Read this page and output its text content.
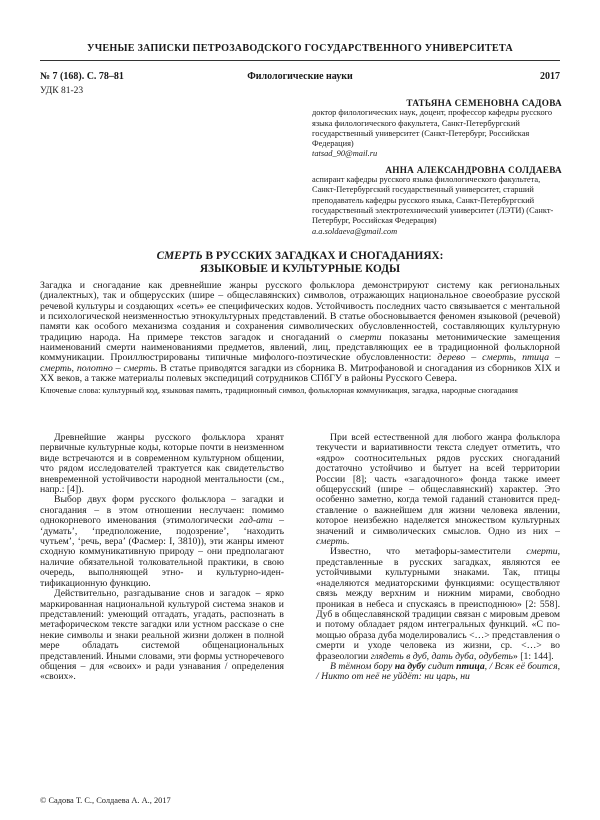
УЧЕНЫЕ ЗАПИСКИ ПЕТРОЗАВОДСКОГО ГОСУДАРСТВЕННОГО УНИВЕРСИТЕТА
№ 7 (168). С. 78–81	Филологические науки	2017
УДК 81-23
ТАТЬЯНА СЕМЕНОВНА САДОВА
доктор филологических наук, доцент, профессор кафедры русского языка филологического факультета, Санкт-Петербургский государственный университет (Санкт-Петербург, Российская Федерация)
tatsad_90@mail.ru
АННА АЛЕКСАНДРОВНА СОЛДАЕВА
аспирант кафедры русского языка филологического факультета, Санкт-Петербургский государственный университет, старший преподаватель кафедры русского языка, Санкт-Петербургский государственный электротехнический университет (ЛЭТИ) (Санкт-Петербург, Российская Федерация)
a.a.soldaeva@gmail.com
СМЕРТЬ В РУССКИХ ЗАГАДКАХ И СНОГАДАНИЯХ:
ЯЗЫКОВЫЕ И КУЛЬТУРНЫЕ КОДЫ

Загадка и сногадание как древнейшие жанры русского фольклора демонстрируют систему как региональных (диалектных), так и общерусских (шире – общеславянских) символов, отражающих национальное своеобразие русской речевой культуры и создающих «сеть» ее специфических кодов. Устойчивость последних часто связывается с ментальной и психологической неизменностью этнокультурных представлений. В статье обосновывается феномен языковой (речевой) памяти как особого механизма создания и сохранения символических обусловленностей, составляющих культурную традицию народа. На примере текстов загадок и сногаданий о смерти показаны метонимические замещения наименований смерти наименованиями предметов, явлений, лиц, представляющих ее в традиционной фольклорной коммуникации. Проиллюстрированы типичные мифолого-поэтические обусловленности: дерево – смерть, птица – смерть, полотно – смерть. В статье приводятся загадки из сборника В. Митрофановой и сногадания из сборников XIX и XX веков, а также материалы полевых экспедиций сотрудников СПбГУ в районы Русского Севера.

Ключевые слова: культурный код, языковая память, традиционный символ, фольклорная коммуникация, загадка, народные сногадания

Древнейшие жанры русского фольклора хранят первичные культурные коды, которые почти в неизменном виде встречаются и в современном культурном общении, что рядом исследователей трактуется как свидетельство вневременной устойчивости народной ментальности (см., напр.: [4]).

Выбор двух форм русского фольклора – загадки и сногадания – в этом отношении неслучаен: помимо однокорневого именования (этимологически гад-ати – ‘думать’, ‘предположение, подозрение’, ‘находить чутьем’, ‘речь, вера’ (Фасмер: I, 3810)), эти жанры имеют сходную коммуникативную природу – они предполагают наличие обязательной толковательной практики, в свою очередь, выполняющей этно- и культурно-идентификационную функцию.

Действительно, разгадывание снов и загадок – ярко маркированная национальной культурой система знаков и представлений: умеющий отгадать, угадать, распознать в метафорическом тексте загадки или устном рассказе о сне некие символы и знаки реальной жизни должен в полной мере обладать системой общенациональных представлений. Иными словами, эти формы устноречевого общения – для «своих» и ради узнавания / определения «своих».

При всей естественной для любого жанра фольклора текучести и вариативности текста следует отметить, что «ядро» соотносительных рядов русских сногаданий достаточно устойчиво и бытует на всей территории России [8]; часть «загадочного» фонда также имеет общерусский (шире – общеславянский) характер. Это особенно заметно, когда темой гаданий становится представление о важнейшем для жизни человека явлении, которое неизбежно наделяется множеством культурных значений и символических смыслов. Одно из них – смерть.

Известно, что метафоры-заместители смерти, представленные в русских загадках, являются ее устойчивыми культурными знаками. Так, птицы «наделяются медиаторскими функциями: осуществляют связь между верхним и нижним мирами, свободно проникая в небеса и спускаясь в преисподнюю» [2: 558]. Дуб в общеславянской традиции связан с мировым древом и потому обладает рядом интегральных функций. «С помощью образа дуба моделировались <…> представления о смерти и уходе человека из жизни, ср. <…> во фразеологии глядеть в дуб, дать дуба, одубеть» [1: 144].

В тёмном бору на дубу сидит птица, / Всяк её боится, / Никто от неё не уйдёт: ни царь, ни

© Садова Т. С., Солдаева А. А., 2017
